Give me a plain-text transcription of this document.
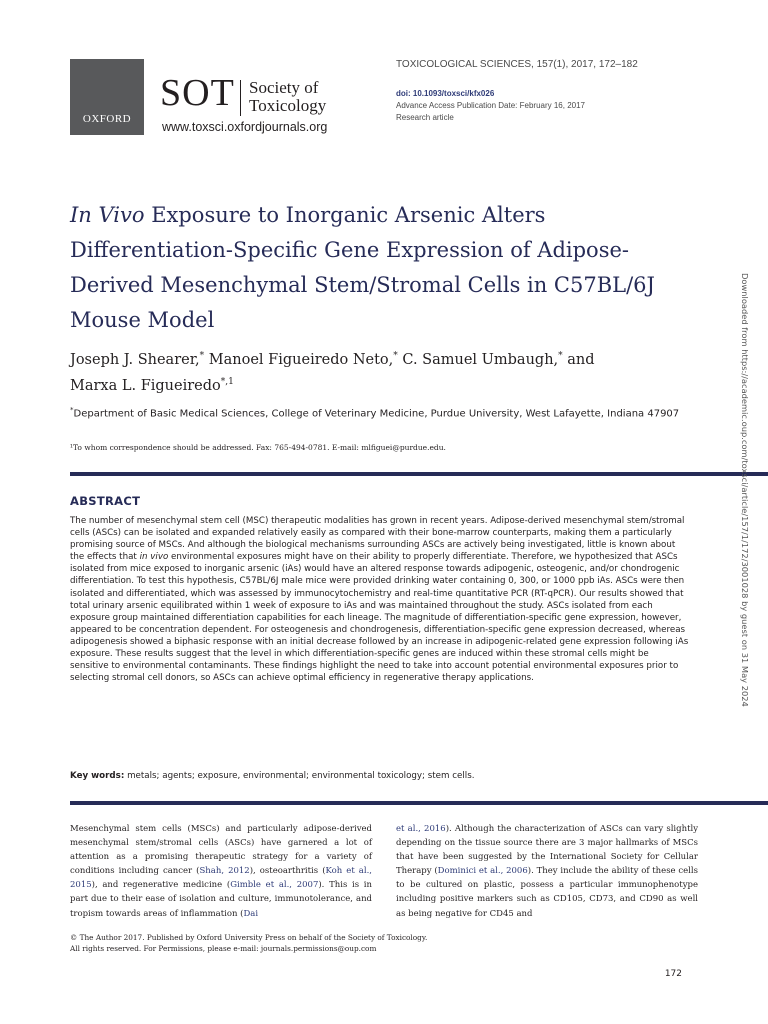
OXFORD
SOT Society of
Toxicology
www.toxsci.oxfordjournals.org
TOXICOLOGICAL SCIENCES, 157(1), 2017, 172–182
doi: 10.1093/toxsci/kfx026
Advance Access Publication Date: February 16, 2017
Research article
In Vivo Exposure to Inorganic Arsenic Alters Differentiation-Specific Gene Expression of Adipose-Derived Mesenchymal Stem/Stromal Cells in C57BL/6J Mouse Model
Joseph J. Shearer,* Manoel Figueiredo Neto,* C. Samuel Umbaugh,* and
Marxa L. Figueiredo$^{*,1}$
*Department of Basic Medical Sciences, College of Veterinary Medicine, Purdue University, West Lafayette, Indiana 47907
¹To whom correspondence should be addressed. Fax: 765-494-0781. E-mail: mlfiguei@purdue.edu.
ABSTRACT

The number of mesenchymal stem cell (MSC) therapeutic modalities has grown in recent years. Adipose-derived mesenchymal stem/stromal cells (ASCs) can be isolated and expanded relatively easily as compared with their bone-marrow counterparts, making them a particularly promising source of MSCs. And although the biological mechanisms surrounding ASCs are actively being investigated, little is known about the effects that in vivo environmental exposures might have on their ability to properly differentiate. Therefore, we hypothesized that ASCs isolated from mice exposed to inorganic arsenic (iAs) would have an altered response towards adipogenic, osteogenic, and/or chondrogenic differentiation. To test this hypothesis, C57BL/6J male mice were provided drinking water containing 0, 300, or 1000 ppb iAs. ASCs were then isolated and differentiated, which was assessed by immunocytochemistry and real-time quantitative PCR (RT-qPCR). Our results showed that total urinary arsenic equilibrated within 1 week of exposure to iAs and was maintained throughout the study. ASCs isolated from each exposure group maintained differentiation capabilities for each lineage. The magnitude of differentiation-specific gene expression, however, appeared to be concentration dependent. For osteogenesis and chondrogenesis, differentiation-specific gene expression decreased, whereas adipogenesis showed a biphasic response with an initial decrease followed by an increase in adipogenic-related gene expression following iAs exposure. These results suggest that the level in which differentiation-specific genes are induced within these stromal cells might be sensitive to environmental contaminants. These findings highlight the need to take into account potential environmental exposures prior to selecting stromal cell donors, so ASCs can achieve optimal efficiency in regenerative therapy applications.

Key words: metals; agents; exposure, environmental; environmental toxicology; stem cells.

Mesenchymal stem cells (MSCs) and particularly adipose-derived mesenchymal stem/stromal cells (ASCs) have garnered a lot of attention as a promising therapeutic strategy for a variety of conditions including cancer (Shah, 2012), osteoarthritis (Koh et al., 2015), and regenerative medicine (Gimble et al., 2007). This is in part due to their ease of isolation and culture, immunotolerance, and tropism towards areas of inflammation (Dai

et al., 2016). Although the characterization of ASCs can vary slightly depending on the tissue source there are 3 major hallmarks of MSCs that have been suggested by the International Society for Cellular Therapy (Dominici et al., 2006). They include the ability of these cells to be cultured on plastic, possess a particular immunophenotype including positive markers such as CD105, CD73, and CD90 as well as being negative for CD45 and

© The Author 2017. Published by Oxford University Press on behalf of the Society of Toxicology.
All rights reserved. For Permissions, please e-mail: journals.permissions@oup.com
172
Downloaded from https://academic.oup.com/toxsci/article/157/1/172/3001028 by guest on 31 May 2024
